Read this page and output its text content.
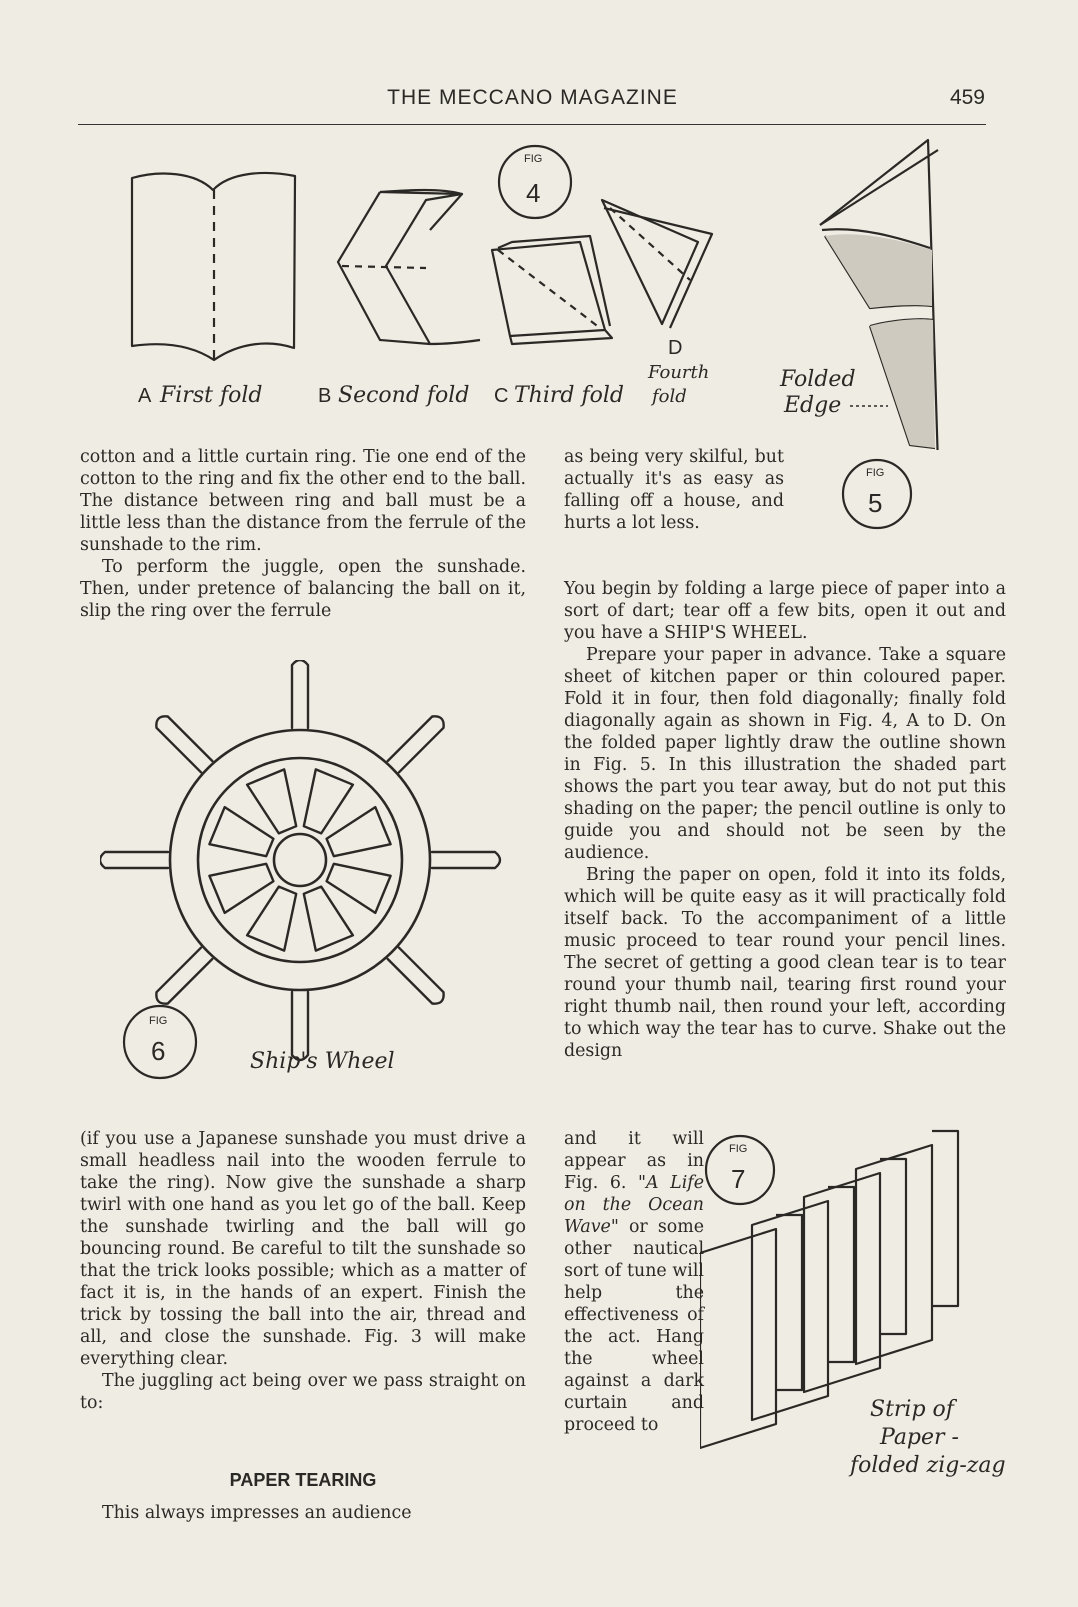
THE MECCANO MAGAZINE	459
FIG
4
A First fold	B Second fold C Third fold
D
Fourth
fold
Folded
Edge
FIG
5

cotton and a little curtain ring. Tie one end of the cotton to the ring and fix the other end to the ball. The distance between ring and ball must be a little less than the distance from the ferrule of the sunshade to the rim.

To perform the juggle, open the sunshade. Then, under pretence of balancing the ball on it, slip the ring over the ferrule

as being very skilful, but actually it's as easy as falling off a house, and hurts a lot less.

You begin by folding a large piece of paper into a sort of dart; tear off a few bits, open it out and you have a SHIP'S WHEEL.

Prepare your paper in advance. Take a square sheet of kitchen paper or thin coloured paper. Fold it in four, then fold diagonally; finally fold diagonally again as shown in Fig. 4, A to D. On the folded paper lightly draw the outline shown in Fig. 5. In this illustration the shaded part shows the part you tear away, but do not put this shading on the paper; the pencil outline is only to guide you and should not be seen by the audience.

Bring the paper on open, fold it into its folds, which will be quite easy as it will practically fold itself back. To the accompaniment of a little music proceed to tear round your pencil lines. The secret of getting a good clean tear is to tear round your thumb nail, tearing first round your right thumb nail, then round your left, according to which way the tear has to curve. Shake out the design

FIG
6	Ship's Wheel

(if you use a Japanese sunshade you must drive a small headless nail into the wooden ferrule to take the ring). Now give the sunshade a sharp twirl with one hand as you let go of the ball. Keep the sunshade twirling and the ball will go bouncing round. Be careful to tilt the sunshade so that the trick looks possible; which as a matter of fact it is, in the hands of an expert. Finish the trick by tossing the ball into the air, thread and all, and close the sunshade. Fig. 3 will make everything clear.

The juggling act being over we pass straight on to:

PAPER TEARING

This always impresses an audience

and it will appear as in Fig. 6. "A Life on the Ocean Wave" or some other nautical sort of tune will help the effectiveness of the act. Hang the wheel against a dark curtain and proceed to

FIG
7
Strip of
Paper -
folded zig-zag
